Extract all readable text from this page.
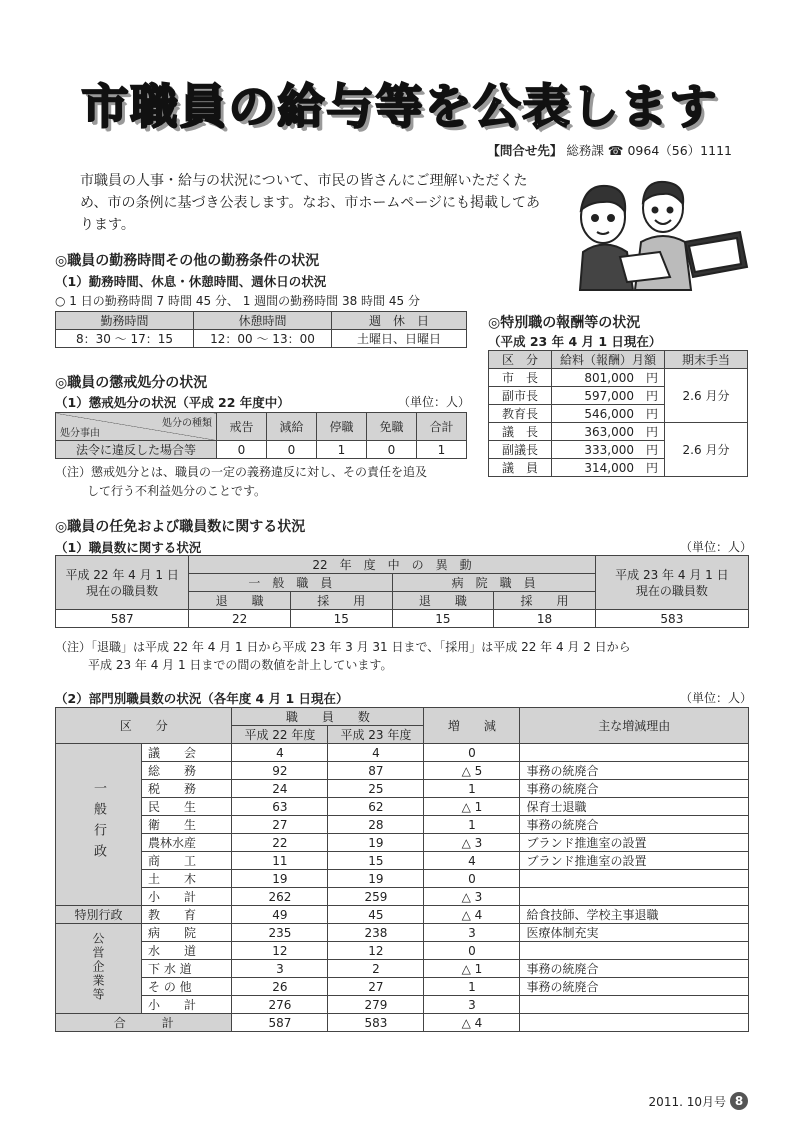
市職員の給与等を公表します
【問合せ先】 総務課 ☎ 0964（56）1111
市職員の人事・給与の状況について、市民の皆さんにご理解いただくため、市の条例に基づき公表します。なお、市ホームページにも掲載してあります。
◎職員の勤務時間その他の勤務条件の状況
（1）勤務時間、休息・休憩時間、週休日の状況
○ 1 日の勤務時間 7 時間 45 分、 1 週間の勤務時間 38 時間 45 分
勤務時間	休憩時間	週　休　日
8：30 〜 17：15	12：00 〜 13：00	土曜日、日曜日
◎職員の懲戒処分の状況
（1）懲戒処分の状況（平成 22 年度中）	（単位：人）
処分の種類
処分事由	戒告	減給	停職	免職	合計
法令に違反した場合等	0	0	1	0	1
（注）懲戒処分とは、職員の一定の義務違反に対し、その責任を追及
して行う不利益処分のことです。
◎特別職の報酬等の状況
（平成 23 年 4 月 1 日現在）
区　分	給料（報酬）月額	期末手当
市　長	801,000　 円	2.6 月分
副市長	597,000　 円	
教育長	546,000　 円	
議　長	363,000　 円	2.6 月分
副議長	333,000　 円	
議　員	314,000　 円	
◎職員の任免および職員数に関する状況
（1）職員数に関する状況	（単位：人）
平成 22 年 4 月 1 日
現在の職員数	22　年　度　中　の　異　動				平成 23 年 4 月 1 日
現在の職員数
	一　般　職　員		病　院　職　員		
	退　　職	採　　用	退　　職	採　　用	
587	22	15	15	18	583
（注）「退職」は平成 22 年 4 月 1 日から平成 23 年 3 月 31 日まで、「採用」は平成 22 年 4 月 2 日から
平成 23 年 4 月 1 日までの間の数値を計上しています。
（2）部門別職員数の状況（各年度 4 月 1 日現在）	（単位：人）
区　　分		職　　員　　数		増　　減	主な増減理由
		平成 22 年度	平成 23 年度		
一般行政	議　　会	4	4	0	
	総　　務	92	87	△ 5	事務の統廃合
	税　　務	24	25	1	事務の統廃合
	民　　生	63	62	△ 1	保育士退職
	衛　　生	27	28	1	事務の統廃合
	農林水産	22	19	△ 3	ブランド推進室の設置
	商　　工	11	15	4	ブランド推進室の設置
	土　　木	19	19	0	
	小　　計	262	259	△ 3	
特別行政	教　　育	49	45	△ 4	給食技師、学校主事退職
公営企業等	病　　院	235	238	3	医療体制充実
	水　　道	12	12	0	
	下 水 道	3	2	△ 1	事務の統廃合
	そ の 他	26	27	1	事務の統廃合
	小　　計	276	279	3	
合　　　計		587	583	△ 4	
2011. 10月号 8
